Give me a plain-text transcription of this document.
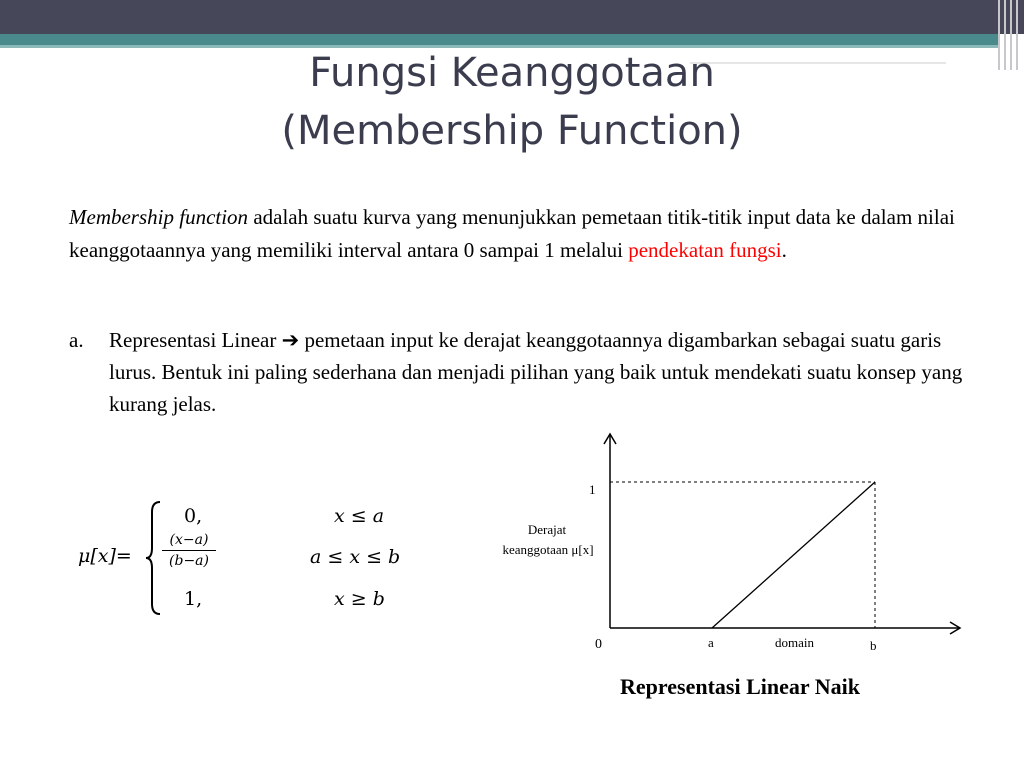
Fungsi Keanggotaan
(Membership Function)
Membership function adalah suatu kurva yang menunjukkan pemetaan titik-titik input data ke dalam nilai keanggotaannya yang memiliki interval antara 0 sampai 1 melalui pendekatan fungsi.
a. Representasi Linear ➔ pemetaan input ke derajat keanggotaannya digambarkan sebagai suatu garis lurus. Bentuk ini paling sederhana dan menjadi pilihan yang baik untuk mendekati suatu konsep yang kurang jelas.
μ[x]=
0,	x ≤ a
(x−a)
(b−a)	a ≤ x ≤ b
1,	x ≥ b
1
Derajat
keanggotaan μ[x]
0	a	domain	b
Representasi Linear Naik
